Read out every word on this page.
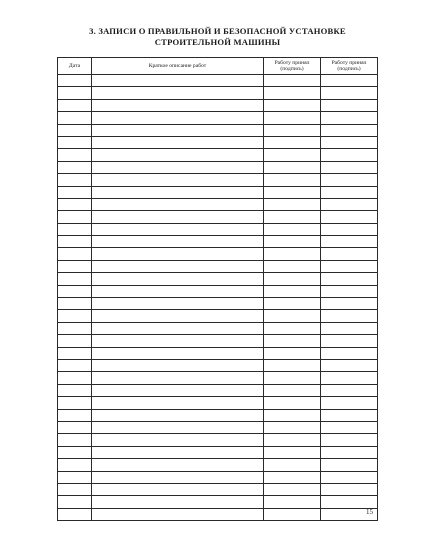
3. ЗАПИСИ О ПРАВИЛЬНОЙ И БЕЗОПАСНОЙ УСТАНОВКЕ
СТРОИТЕЛЬНОЙ МАШИНЫ
Дата	Краткое описание работ	Работу принял (подпись)	Работу принял (подпись)

15
